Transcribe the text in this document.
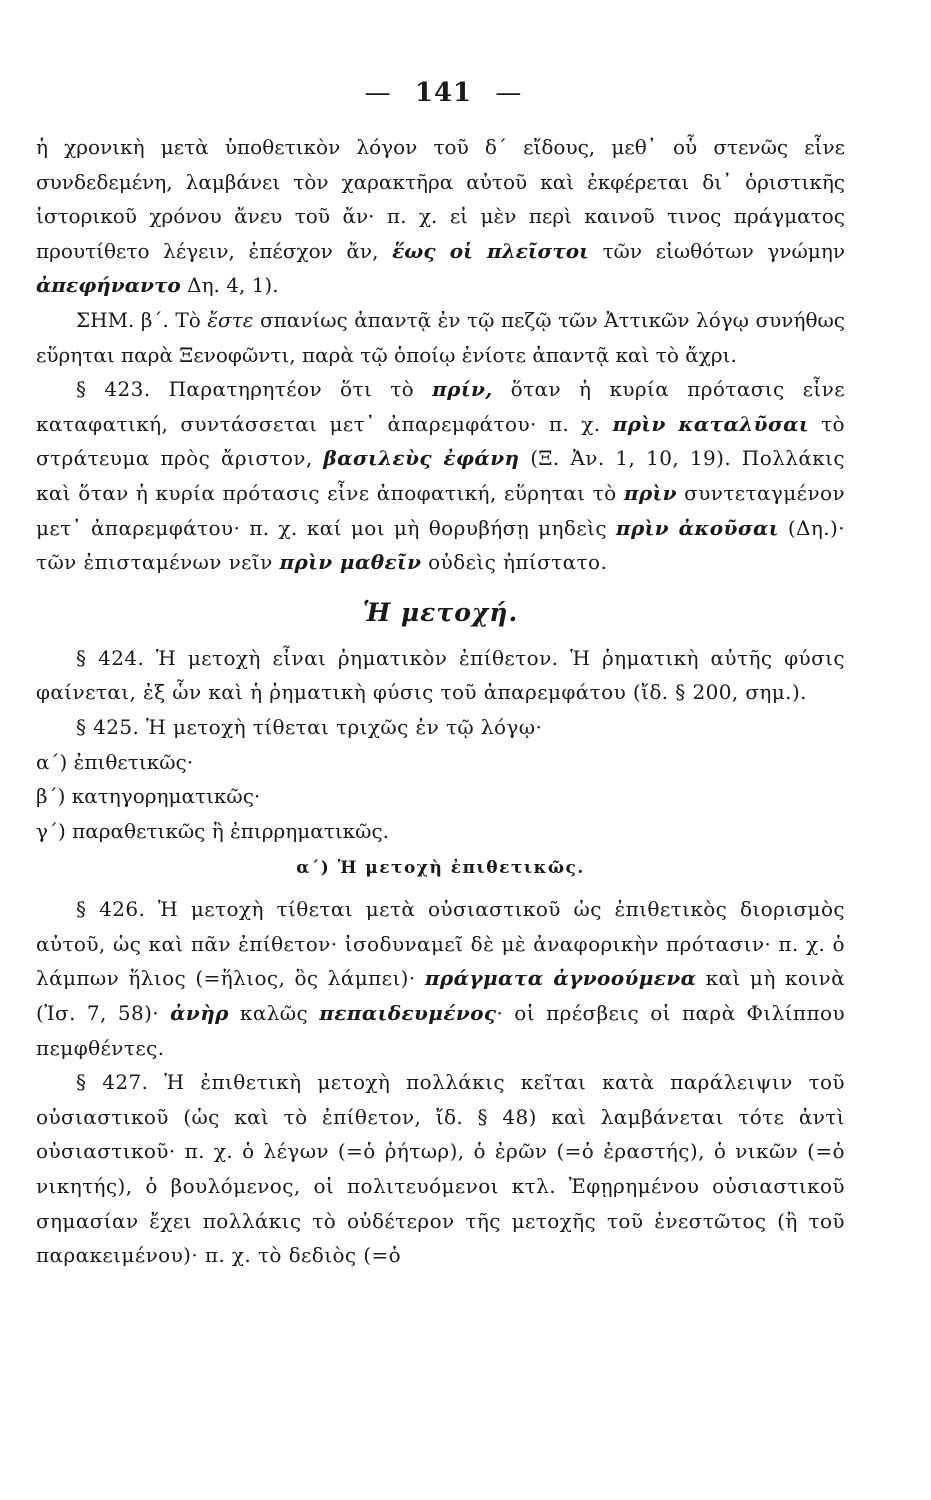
— 141 —

ἡ χρονικὴ μετὰ ὑποθετικὸν λόγον τοῦ δ΄ εἴδους, μεθ᾽ οὗ στενῶς εἶνε συνδεδεμένη, λαμβάνει τὸν χαρακτῆρα αὐτοῦ καὶ ἐκφέρεται δι᾽ ὁριστικῆς ἱστορικοῦ χρόνου ἄνευ τοῦ ἄν· π. χ. εἰ μὲν περὶ καινοῦ τινος πράγματος προυτίθετο λέγειν, ἐπέσχον ἄν, ἕως οἱ πλεῖστοι τῶν εἰωθότων γνώμην ἀπεφήναντο Δη. 4, 1).

ΣΗΜ. β΄. Τὸ ἔστε σπανίως ἀπαντᾷ ἐν τῷ πεζῷ τῶν Ἀττικῶν λόγῳ συνήθως εὕρηται παρὰ Ξενοφῶντι, παρὰ τῷ ὁποίῳ ἐνίοτε ἀπαντᾷ καὶ τὸ ἄχρι.

§ 423. Παρατηρητέον ὅτι τὸ πρίν, ὅταν ἡ κυρία πρότασις εἶνε καταφατική, συντάσσεται μετ᾽ ἀπαρεμφάτου· π. χ. πρὶν καταλῦσαι τὸ στράτευμα πρὸς ἄριστον, βασιλεὺς ἐφάνη (Ξ. Ἀν. 1, 10, 19). Πολλάκις καὶ ὅταν ἡ κυρία πρότασις εἶνε ἀποφατική, εὕρηται τὸ πρὶν συντεταγμένον μετ᾽ ἀπαρεμφάτου· π. χ. καί μοι μὴ θορυβήσῃ μηδεὶς πρὶν ἀκοῦσαι (Δη.)· τῶν ἐπισταμένων νεῖν πρὶν μαθεῖν οὐδεὶς ἠπίστατο.

Ἡ μετοχή.

§ 424. Ἡ μετοχὴ εἶναι ῥηματικὸν ἐπίθετον. Ἡ ῥηματικὴ αὐτῆς φύσις φαίνεται, ἐξ ὧν καὶ ἡ ῥηματικὴ φύσις τοῦ ἀπαρεμφάτου (ἴδ. § 200, σημ.).

§ 425. Ἡ μετοχὴ τίθεται τριχῶς ἐν τῷ λόγῳ·

α΄) ἐπιθετικῶς·
β΄) κατηγορηματικῶς·
γ΄) παραθετικῶς ἢ ἐπιρρηματικῶς.
α΄) Ἡ μετοχὴ ἐπιθετικῶς.

§ 426. Ἡ μετοχὴ τίθεται μετὰ οὐσιαστικοῦ ὡς ἐπιθετικὸς διορισμὸς αὐτοῦ, ὡς καὶ πᾶν ἐπίθετον· ἰσοδυναμεῖ δὲ μὲ ἀναφορικὴν πρότασιν· π. χ. ὁ λάμπων ἥλιος (=ἥλιος, ὃς λάμπει)· πράγματα ἀγνοούμενα καὶ μὴ κοινὰ (Ἰσ. 7, 58)· ἀνὴρ καλῶς πεπαιδευμένος· οἱ πρέσβεις οἱ παρὰ Φιλίππου πεμφθέντες.

§ 427. Ἡ ἐπιθετικὴ μετοχὴ πολλάκις κεῖται κατὰ παράλειψιν τοῦ οὐσιαστικοῦ (ὡς καὶ τὸ ἐπίθετον, ἴδ. § 48) καὶ λαμβάνεται τότε ἀντὶ οὐσιαστικοῦ· π. χ. ὁ λέγων (=ὁ ῥήτωρ), ὁ ἐρῶν (=ὁ ἐραστής), ὁ νικῶν (=ὁ νικητής), ὁ βουλόμενος, οἱ πολιτευόμενοι κτλ. Ἐφῃρημένου οὐσιαστικοῦ σημασίαν ἔχει πολλάκις τὸ οὐδέτερον τῆς μετοχῆς τοῦ ἐνεστῶτος (ἢ τοῦ παρακειμένου)· π. χ. τὸ δεδιὸς (=ὁ
